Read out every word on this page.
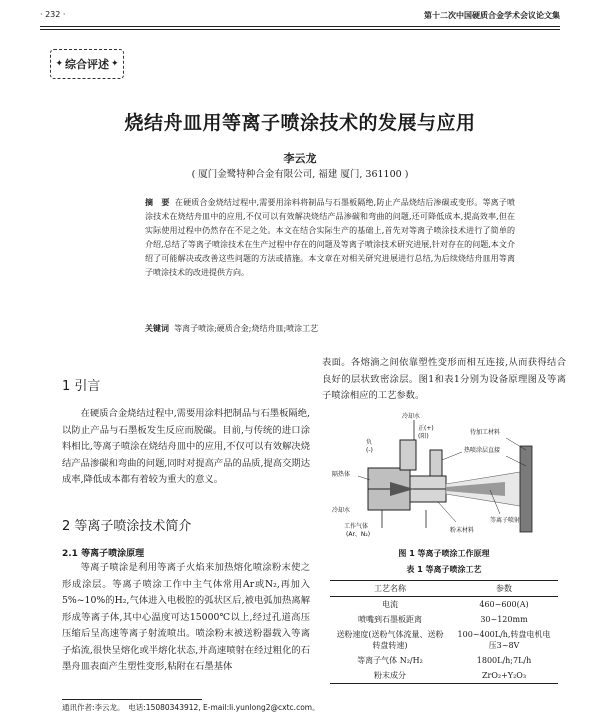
· 232 ·	第十二次中国硬质合金学术会议论文集
✦ 综合评述 ✦
烧结舟皿用等离子喷涂技术的发展与应用
李云龙
( 厦门金鹭特种合金有限公司, 福建 厦门, 361100 )
摘　要 在硬质合金烧结过程中,需要用涂料将制品与石墨板隔绝,防止产品烧结后渗碳或变形。等离子喷涂技术在烧结舟皿中的应用,不仅可以有效解决烧结产品渗碳和弯曲的问题,还可降低成本,提高效率,但在实际使用过程中仍然存在不足之处。本文在结合实际生产的基础上,首先对等离子喷涂技术进行了简单的介绍,总结了等离子喷涂技术在生产过程中存在的问题及等离子喷涂技术研究进展,针对存在的问题,本文介绍了可能解决或改善这些问题的方法或措施。本文章在对相关研究进展进行总结,为后续烧结舟皿用等离子喷涂技术的改进提供方向。
关键词 等离子喷涂;硬质合金;烧结舟皿;喷涂工艺
1 引言

在硬质合金烧结过程中,需要用涂料把制品与石墨板隔绝,以防止产品与石墨板发生反应而脱碳。目前,与传统的进口涂料相比,等离子喷涂在烧结舟皿中的应用,不仅可以有效解决烧结产品渗碳和弯曲的问题,同时对提高产品的品质,提高交期达成率,降低成本都有着较为重大的意义。

2 等离子喷涂技术简介
2.1 等离子喷涂原理

等离子喷涂是利用等离子火焰来加热熔化喷涂粉末使之形成涂层。等离子喷涂工作中主气体常用Ar或N₂,再加入5%~10%的H₂,气体进入电极腔的弧状区后,被电弧加热离解形成等离子体,其中心温度可达15000℃以上,经过孔道高压压缩后呈高速等离子射流喷出。喷涂粉末被送粉器载入等离子焰流,很快呈熔化或半熔化状态,并高速喷射在经过粗化的石墨舟皿表面产生塑性变形,粘附在石墨基体

表面。各熔滴之间依靠塑性变形而相互连接,从而获得结合良好的层状致密涂层。图1和表1分别为设备原理图及等离子喷涂相应的工艺参数。

冷却水
正(+)
(阳)
负
(-)
隔热体
待加工材料
热喷涂层直接
冷却水
等离子喷射
工作气体
(Ar、N₂)
粉末材料
图 1 等离子喷涂工作原理
表 1 等离子喷涂工艺
工艺名称	参数
电流	460~600(A)
喷嘴到石墨板距离	30~120mm
送粉速度(送粉气体流量、送粉转盘转速)	100~400L/h,转盘电机电压3~8V
等离子气体 N₂/H₂	1800L/h;7L/h
粉末成分	ZrO₂+Y₂O₃
通讯作者:李云龙。　电话:15080343912, E-mail:li.yunlong2@cxtc.com。
